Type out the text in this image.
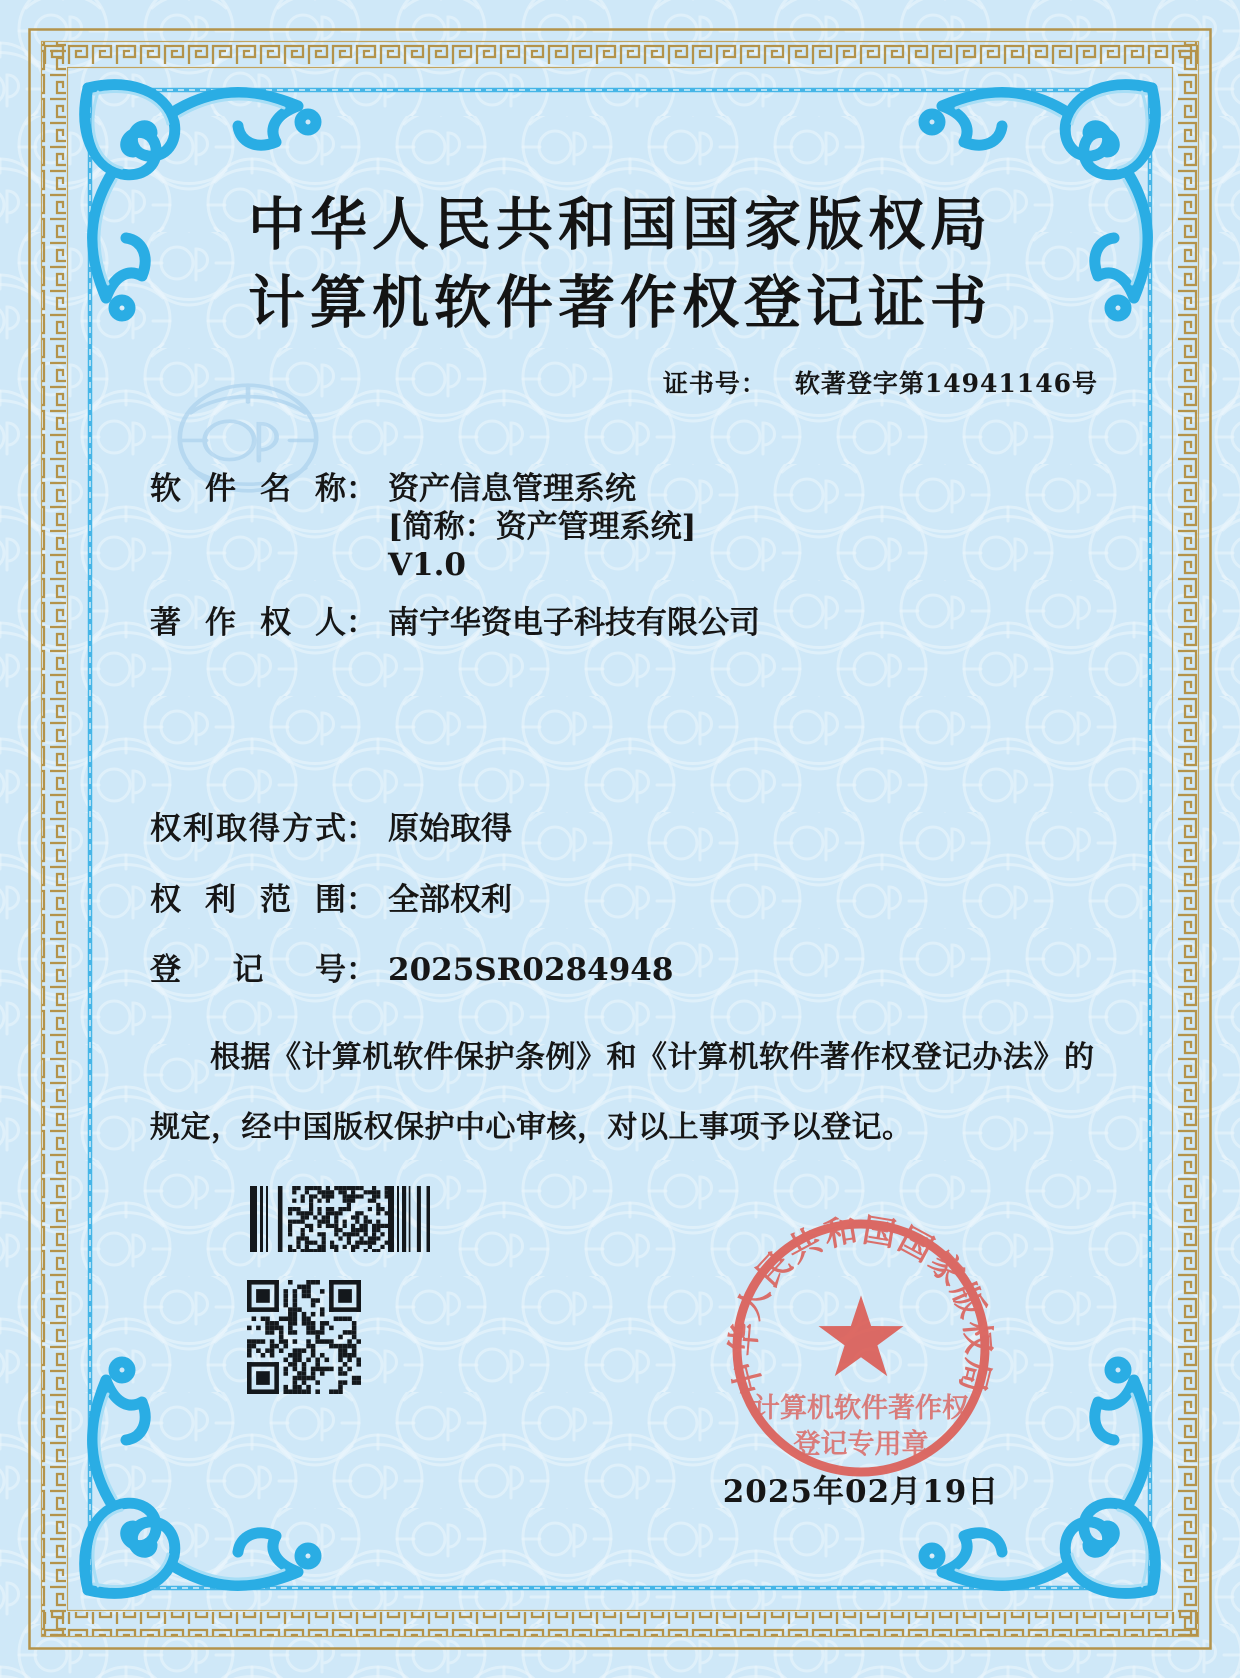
中华人民共和国国家版权局
计算机软件著作权登记证书
证书号： 软著登字第14941146号
软件名称： 资产信息管理系统
[简称：资产管理系统]
V1.0
著作权人： 南宁华资电子科技有限公司
权利取得方式： 原始取得
权利范围： 全部权利
登记号： 2025SR0284948
根据《计算机软件保护条例》和《计算机软件著作权登记办法》的规定，经中国版权保护中心审核，对以上事项予以登记。
中华人民共和国国家版权局
计算机软件著作权
登记专用章
2025年02月19日
